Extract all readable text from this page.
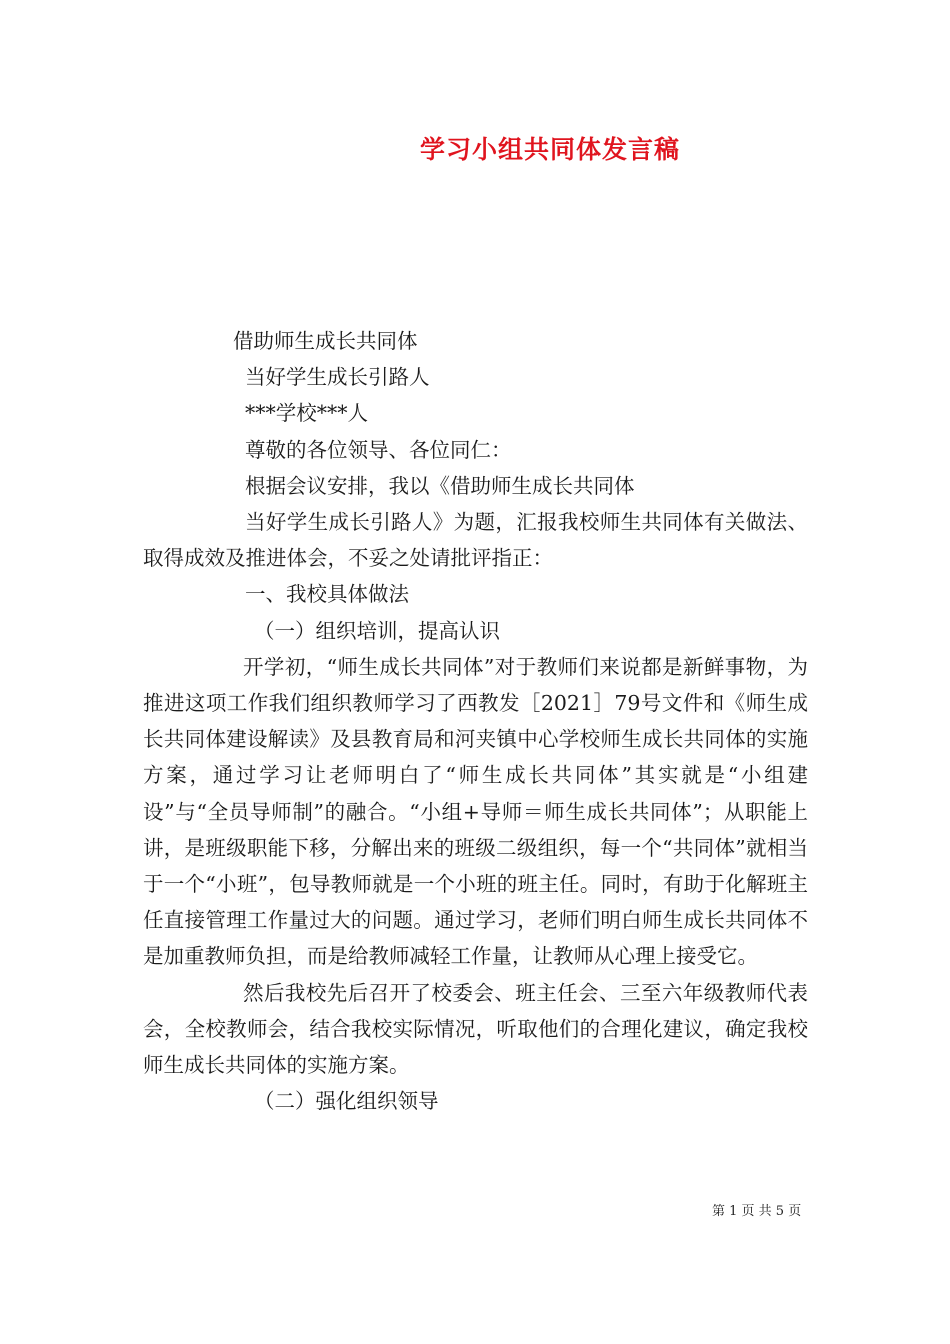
学习小组共同体发言稿

借助师生成长共同体

当好学生成长引路人

***学校***人

尊敬的各位领导、各位同仁：

根据会议安排，我以《借助师生成长共同体

当好学生成长引路人》为题，汇报我校师生共同体有关做法、取得成效及推进体会，不妥之处请批评指正：

一、我校具体做法

（一）组织培训，提高认识

开学初，“师生成长共同体”对于教师们来说都是新鲜事物，为推进这项工作我们组织教师学习了西教发［2021］79号文件和《师生成长共同体建设解读》及县教育局和河夹镇中心学校师生成长共同体的实施方案，通过学习让老师明白了“师生成长共同体”其实就是“小组建设”与“全员导师制”的融合。“小组+导师＝师生成长共同体”；从职能上讲，是班级职能下移，分解出来的班级二级组织，每一个“共同体”就相当于一个“小班”，包导教师就是一个小班的班主任。同时，有助于化解班主任直接管理工作量过大的问题。通过学习，老师们明白师生成长共同体不是加重教师负担，而是给教师减轻工作量，让教师从心理上接受它。

然后我校先后召开了校委会、班主任会、三至六年级教师代表会，全校教师会，结合我校实际情况，听取他们的合理化建议，确定我校师生成长共同体的实施方案。

（二）强化组织领导

第 1 页 共 5 页
